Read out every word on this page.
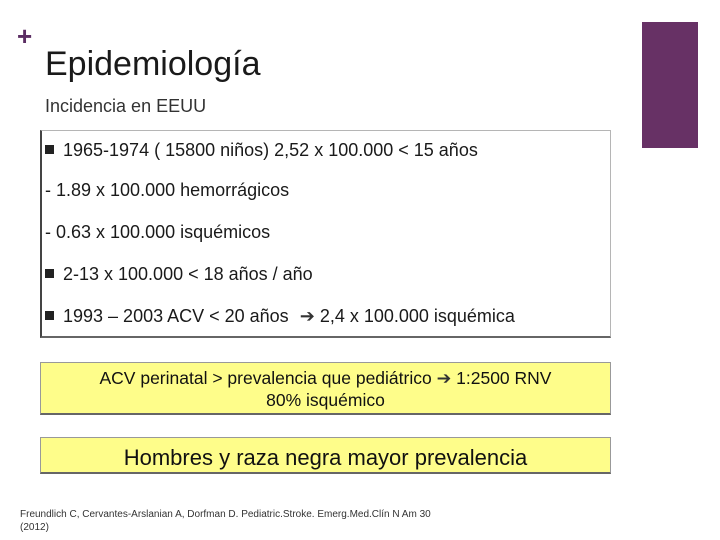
+
Epidemiología
Incidencia en EEUU
1965-1974 ( 15800 niños) 2,52 x 100.000 < 15 años
- 1.89 x 100.000 hemorrágicos
- 0.63 x 100.000 isquémicos
2-13 x 100.000 < 18 años / año
1993 – 2003 ACV < 20 años ➔ 2,4 x 100.000 isquémica
ACV perinatal > prevalencia que pediátrico ➔ 1:2500 RNV
80% isquémico
Hombres y raza negra mayor prevalencia
Freundlich C, Cervantes-Arslanian A, Dorfman D. Pediatric.Stroke. Emerg.Med.Clín N Am 30
(2012)
